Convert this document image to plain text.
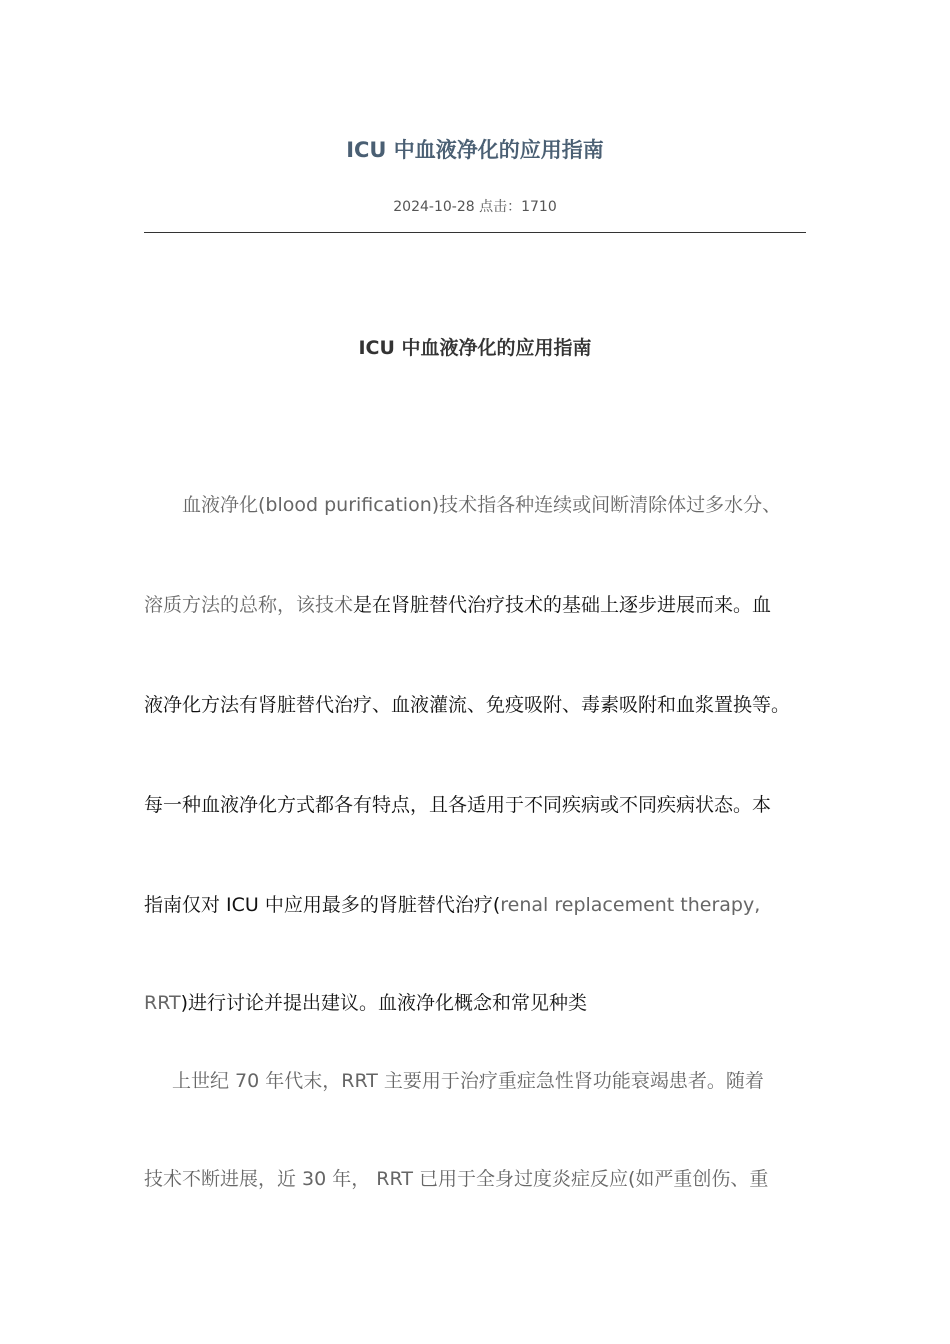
ICU 中血液净化的应用指南
2024-10-28 点击：1710
ICU 中血液净化的应用指南
血液净化(blood purification)技术指各种连续或间断清除体过多水分、
溶质方法的总称，该技术是在肾脏替代治疗技术的基础上逐步进展而来。血
液净化方法有肾脏替代治疗、血液灌流、免疫吸附、毒素吸附和血浆置换等。
每一种血液净化方式都各有特点，且各适用于不同疾病或不同疾病状态。本
指南仅对 ICU 中应用最多的肾脏替代治疗(renal replacement therapy,
RRT)进行讨论并提出建议。血液净化概念和常见种类
上世纪 70 年代末，RRT 主要用于治疗重症急性肾功能衰竭患者。随着
技术不断进展，近 30 年， RRT 已用于全身过度炎症反应(如严重创伤、重
